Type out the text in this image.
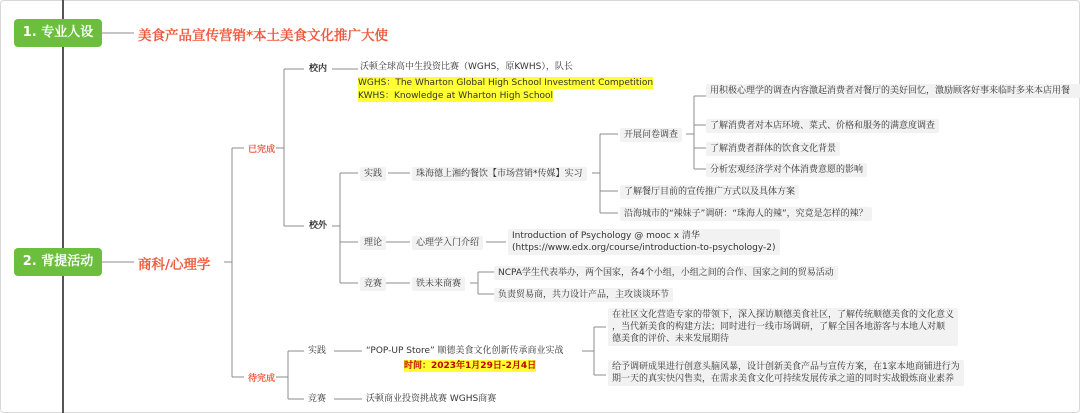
1. 专业人设	美食产品宣传营销*本土美食文化推广大使
2. 背提活动	商科/心理学
已完成
待完成
校内	沃顿全球高中生投资比赛（WGHS，原KWHS），队长
WGHS：The Wharton Global High School Investment Competition
KWHS：Knowledge at Wharton High School
校外
实践	珠海德上湘约餐饮【市场营销*传媒】实习
开展问卷调查
用积极心理学的调查内容激起消费者对餐厅的美好回忆，激励顾客好事来临时多来本店用餐
了解消费者对本店环境、菜式、价格和服务的满意度调查
了解消费者群体的饮食文化背景
分析宏观经济学对个体消费意愿的影响
了解餐厅目前的宣传推广方式以及具体方案
沿海城市的“辣妹子”调研：“珠海人的辣”，究竟是怎样的辣？
理论	心理学入门介绍
Introduction of Psychology @ mooc x 清华
(https://www.edx.org/course/introduction-to-psychology-2)
竞赛	铁未来商赛
NCPA学生代表举办，两个国家，各4个小组，小组之间的合作、国家之间的贸易活动
负责贸易商，共力设计产品，主攻谈谈环节
实践	“POP-UP Store” 顺德美食文化创新传承商业实战
时间：2023年1月29日-2月4日
在社区文化营造专家的带领下，深入探访顺德美食社区，了解传统顺德美食的文化意义
，当代新美食的构建方法；同时进行一线市场调研，了解全国各地游客与本地人对顺
德美食的评价、未来发展期待
给予调研成果进行创意头脑风暴，设计创新美食产品与宣传方案，在1家本地商铺进行为
期一天的真实快闪售卖，在需求美食文化可持续发展传承之道的同时实战锻炼商业素养
竞赛	沃顿商业投资挑战赛 WGHS商赛
